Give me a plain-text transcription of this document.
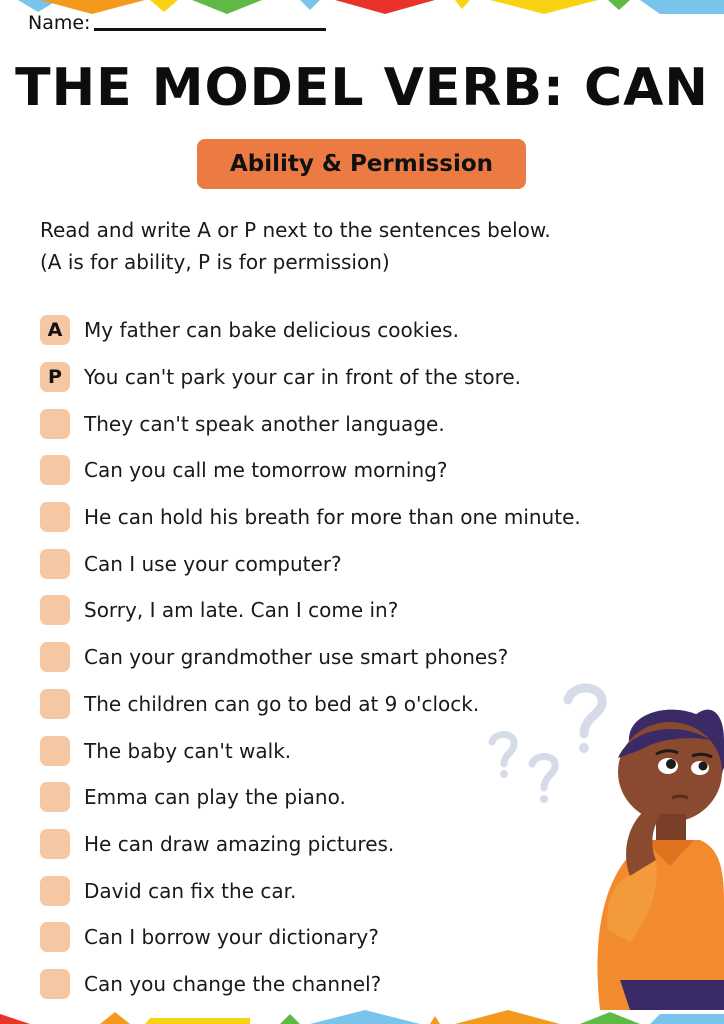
Name:
THE MODEL VERB: CAN
Ability & Permission
Read and write A or P next to the sentences below.
(A is for ability, P is for permission)
A	My father can bake delicious cookies.
P	You can't park your car in front of the store.
They can't speak another language.
Can you call me tomorrow morning?
He can hold his breath for more than one minute.
Can I use your computer?
Sorry, I am late. Can I come in?
Can your grandmother use smart phones?
The children can go to bed at 9 o'clock.
The baby can't walk.
Emma can play the piano.
He can draw amazing pictures.
David can fix the car.
Can I borrow your dictionary?
Can you change the channel?
